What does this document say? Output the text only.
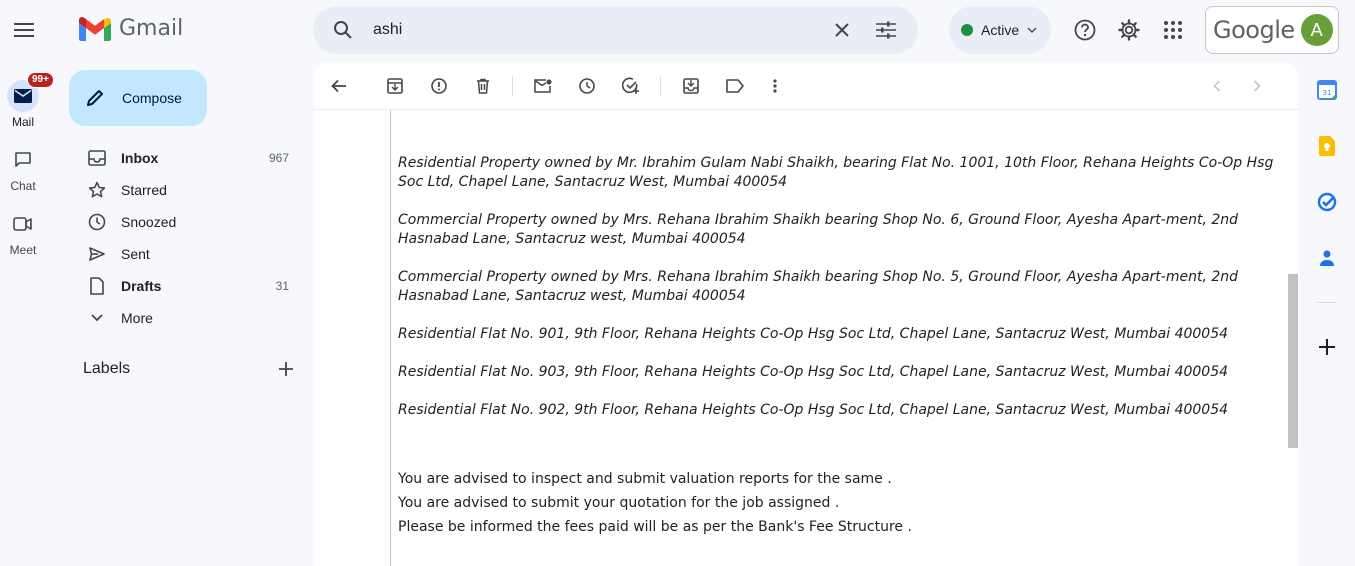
Gmail
99+
Mail
Chat
Meet
Compose
Inbox	967
Starred
Snoozed
Sent
Drafts	31
More
Labels
ashi
Active	Google A
Residential Property owned by Mr. Ibrahim Gulam Nabi Shaikh, bearing Flat No. 1001, 10th Floor, Rehana Heights Co-Op Hsg Soc Ltd, Chapel Lane, Santacruz West, Mumbai 400054
Commercial Property owned by Mrs. Rehana Ibrahim Shaikh bearing Shop No. 6, Ground Floor, Ayesha Apart-ment, 2nd Hasnabad Lane, Santacruz west, Mumbai 400054
Commercial Property owned by Mrs. Rehana Ibrahim Shaikh bearing Shop No. 5, Ground Floor, Ayesha Apart-ment, 2nd Hasnabad Lane, Santacruz west, Mumbai 400054
Residential Flat No. 901, 9th Floor, Rehana Heights Co-Op Hsg Soc Ltd, Chapel Lane, Santacruz West, Mumbai 400054
Residential Flat No. 903, 9th Floor, Rehana Heights Co-Op Hsg Soc Ltd, Chapel Lane, Santacruz West, Mumbai 400054
Residential Flat No. 902, 9th Floor, Rehana Heights Co-Op Hsg Soc Ltd, Chapel Lane, Santacruz West, Mumbai 400054
You are advised to inspect and submit valuation reports for the same .
You are advised to submit your quotation for the job assigned .
Please be informed the fees paid will be as per the Bank's Fee Structure .
31
